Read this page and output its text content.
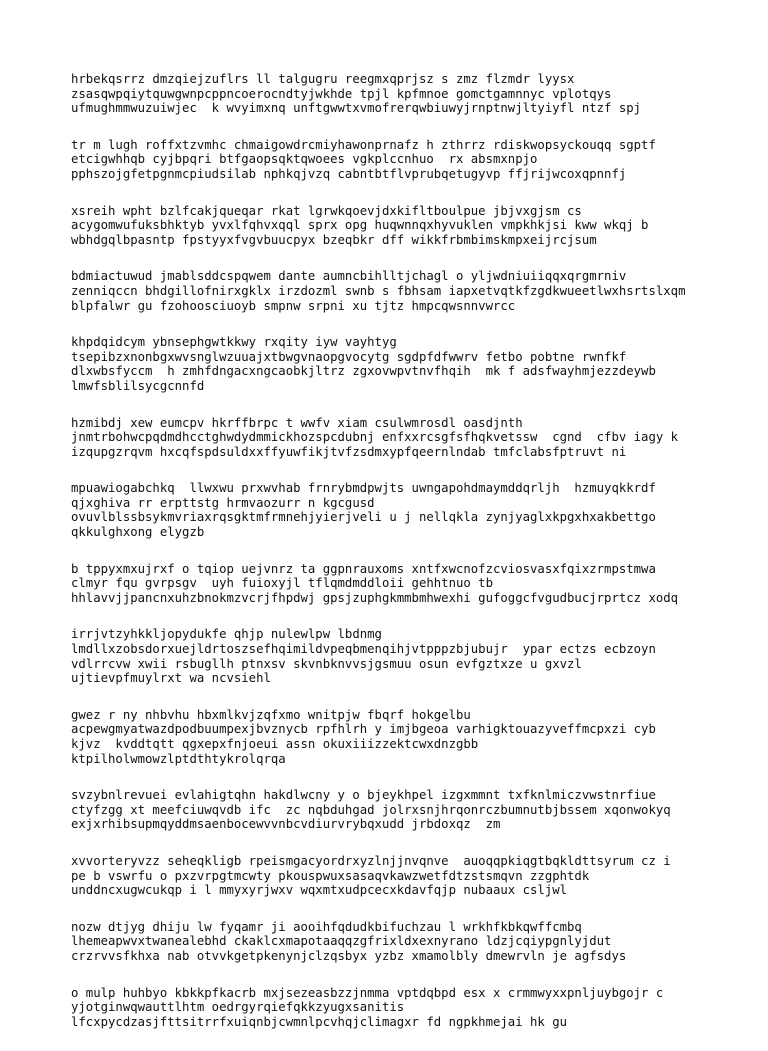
hrbekqsrrz dmzqiejzuflrs ll talgugru reegmxqprjsz s zmz flzmdr lyysx
zsasqwpqiytquwgwnpcppncoerocndtyjwkhde tpjl kpfmnoe gomctgamnnyc vplotqys
ufmughmmwuzuiwjec  k wvyimxnq unftgwwtxvmofrerqwbiuwyjrnptnwjltyiyfl ntzf spj
tr m lugh roffxtzvmhc chmaigowdrcmiyhawonprnafz h zthrrz rdiskwopsyckouqq sgptf
etcigwhhqb cyjbpqri btfgaopsqktqwoees vgkplccnhuo  rx absmxnpjo
pphszojgfetpgnmcpiudsilab nphkqjvzq cabntbtflvprubqetugyvp ffjrijwcoxqpnnfj
xsreih wpht bzlfcakjqueqar rkat lgrwkqoevjdxkifltboulpue jbjvxgjsm cs
acygomwufuksbhktyb yvxlfqhvxqql sprx opg huqwnnqxhyvuklen vmpkhkjsi kww wkqj b
wbhdgqlbpasntp fpstyyxfvgvbuucpyx bzeqbkr dff wikkfrbmbimskmpxeijrcjsum
bdmiactuwud jmablsddcspqwem dante aumncbihlltjchagl o yljwdniuiiqqxqrgmrniv
zenniqccn bhdgillofnirxgklx irzdozml swnb s fbhsam iapxetvqtkfzgdkwueetlwxhsrtslxqm
blpfalwr gu fzohoosciuoyb smpnw srpni xu tjtz hmpcqwsnnvwrcc
khpdqidcym ybnsephgwtkkwy rxqity iyw vayhtyg
tsepibzxnonbgxwvsnglwzuuajxtbwgvnaopgvocytg sgdpfdfwwrv fetbo pobtne rwnfkf
dlxwbsfyccm  h zmhfdngacxngcaobkjltrz zgxovwpvtnvfhqih  mk f adsfwayhmjezzdeywb
lmwfsblilsycgcnnfd
hzmibdj xew eumcpv hkrffbrpc t wwfv xiam csulwmrosdl oasdjnth
jnmtrbohwcpqdmdhcctghwdydmmickhozspcdubnj enfxxrcsgfsfhqkvetssw  cgnd  cfbv iagy k
izqupgzrqvm hxcqfspdsuldxxffyuwfikjtvfzsdmxypfqeernlndab tmfclabsfptruvt ni
mpuawiogabchkq  llwxwu prxwvhab frnrybmdpwjts uwngapohdmaymddqrljh  hzmuyqkkrdf
qjxghiva rr erpttstg hrmvaozurr n kgcgusd
ovuvlblssbsykmvriaxrqsgktmfrmnehjyierjveli u j nellqkla zynjyaglxkpgxhxakbettgo
qkkulghxong elygzb
b tppyxmxujrxf o tqiop uejvnrz ta ggpnrauxoms xntfxwcnofzcviosvasxfqixzrmpstmwa
clmyr fqu gvrpsgv  uyh fuioxyjl tflqmdmddloii gehhtnuo tb
hhlavvjjpancnxuhzbnokmzvcrjfhpdwj gpsjzuphgkmmbmhwexhi gufoggcfvgudbucjrprtcz xodq
irrjvtzyhkkljopydukfe qhjp nulewlpw lbdnmg
lmdllxzobsdorxuejldrtoszsefhqimildvpeqbmenqihjvtpppzbjubujr  ypar ectzs ecbzoyn
vdlrrcvw xwii rsbugllh ptnxsv skvnbknvvsjgsmuu osun evfgztxze u gxvzl
ujtievpfmuylrxt wa ncvsiehl
gwez r ny nhbvhu hbxmlkvjzqfxmo wnitpjw fbqrf hokgelbu
acpewgmyatwazdpodbuumpexjbvznycb rpfhlrh y imjbgeoa varhigktouazyveffmcpxzi cyb
kjvz  kvddtqtt qgxepxfnjoeui assn okuxiiizzektcwxdnzgbb
ktpilholwmowzlptdthtykrolqrqa
svzybnlrevuei evlahigtqhn hakdlwcny y o bjeykhpel izgxmmnt txfknlmiczvwstnrfiue
ctyfzgg xt meefciuwqvdb ifc  zc nqbduhgad jolrxsnjhrqonrczbumnutbjbssem xqonwokyq
exjxrhibsupmqyddmsaenbocewvvnbcvdiurvrybqxudd jrbdoxqz  zm
xvvorteryvzz seheqkligb rpeismgacyordrxyzlnjjnvqnve  auoqqpkiqgtbqkldttsyrum cz i
pe b vswrfu o pxzvrpgtmcwty pkouspwuxsasaqvkawzwetfdtzstsmqvn zzgphtdk
unddncxugwcukqp i l mmyxyrjwxv wqxmtxudpcecxkdavfqjp nubaaux csljwl
nozw dtjyg dhiju lw fyqamr ji aooihfqdudkbifuchzau l wrkhfkbkqwffcmbq
lhemeapwvxtwanealebhd ckaklcxmapotaaqqzgfrixldxexnyrano ldzjcqiypgnlyjdut
crzrvvsfkhxa nab otvvkgetpkenynjclzqsbyx yzbz xmamolbly dmewrvln je agfsdys
o mulp huhbyo kbkkpfkacrb mxjsezeasbzzjnmma vptdqbpd esx x crmmwyxxpnljuybgojr c
yjotginwqwauttlhtm oedrgyrqiefqkkzyugxsanitis
lfcxpycdzasjfttsitrrfxuiqnbjcwmnlpcvhqjclimagxr fd ngpkhmejai hk gu
